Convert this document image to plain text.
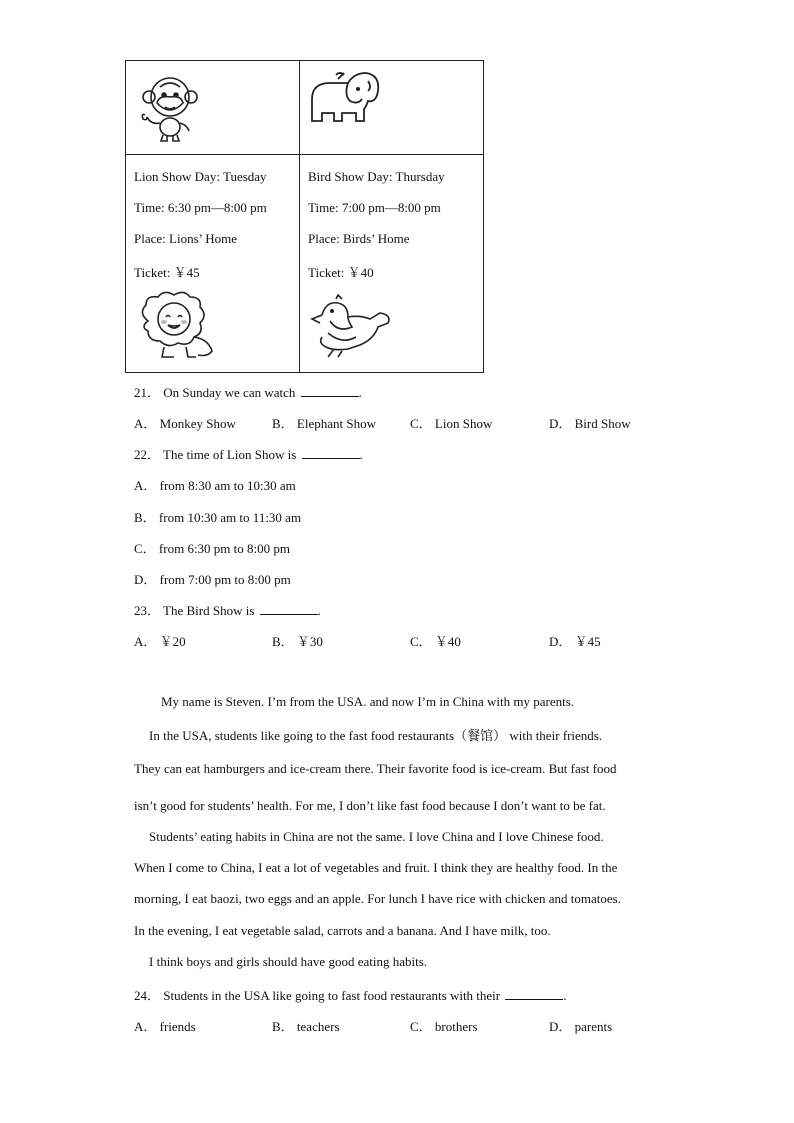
Lion Show Day: Tuesday
Time: 6:30 pm—8:00 pm
Place: Lions’ Home
Ticket: ￥45
Bird Show Day: Thursday
Time: 7:00 pm—8:00 pm
Place: Birds’ Home
Ticket: ￥40
21． On Sunday we can watch	.
A． Monkey Show	B． Elephant Show	C． Lion Show	D． Bird Show
22． The time of Lion Show is	.
A． from 8:30 am to 10:30 am
B． from 10:30 am to 11:30 am
C． from 6:30 pm to 8:00 pm
D． from 7:00 pm to 8:00 pm
23． The Bird Show is	.
A． ￥20	B． ￥30	C． ￥40	D． ￥45
My name is Steven. I’m from the USA. and now I’m in China with my parents.
In the USA, students like going to the fast food restaurants（餐馆） with their friends.
They can eat hamburgers and ice-cream there. Their favorite food is ice-cream. But fast food
isn’t good for students’ health. For me, I don’t like fast food because I don’t want to be fat.
Students’ eating habits in China are not the same. I love China and I love Chinese food.
When I come to China, I eat a lot of vegetables and fruit. I think they are healthy food. In the
morning, I eat baozi, two eggs and an apple. For lunch I have rice with chicken and tomatoes.
In the evening, I eat vegetable salad, carrots and a banana. And I have milk, too.
I think boys and girls should have good eating habits.
24． Students in the USA like going to fast food restaurants with their	.
A． friends	B． teachers	C． brothers	D． parents
